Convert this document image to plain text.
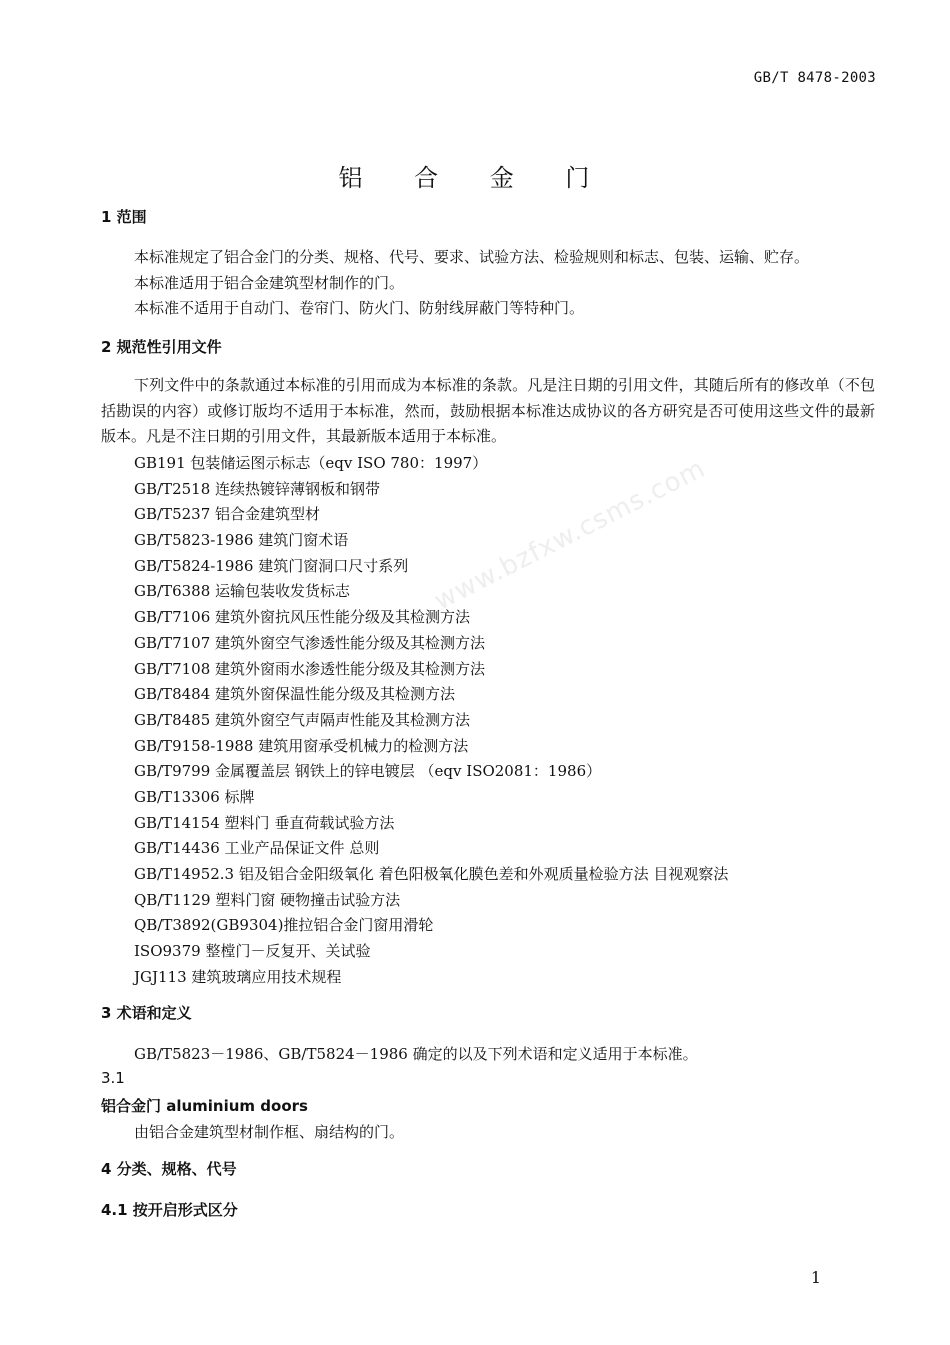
GB/T 8478-2003
铝 合 金 门
www.bzfxw.csms.com
1 范围
本标准规定了铝合金门的分类、规格、代号、要求、试验方法、检验规则和标志、包装、运输、贮存。
本标准适用于铝合金建筑型材制作的门。
本标准不适用于自动门、卷帘门、防火门、防射线屏蔽门等特种门。
2 规范性引用文件
下列文件中的条款通过本标准的引用而成为本标准的条款。凡是注日期的引用文件，其随后所有的修改单（不包括勘误的内容）或修订版均不适用于本标准，然而，鼓励根据本标准达成协议的各方研究是否可使用这些文件的最新版本。凡是不注日期的引用文件，其最新版本适用于本标准。
GB191 包装储运图示标志（eqv ISO 780：1997）
GB/T2518 连续热镀锌薄钢板和钢带
GB/T5237 铝合金建筑型材
GB/T5823-1986 建筑门窗术语
GB/T5824-1986 建筑门窗洞口尺寸系列
GB/T6388 运输包装收发货标志
GB/T7106 建筑外窗抗风压性能分级及其检测方法
GB/T7107 建筑外窗空气渗透性能分级及其检测方法
GB/T7108 建筑外窗雨水渗透性能分级及其检测方法
GB/T8484 建筑外窗保温性能分级及其检测方法
GB/T8485 建筑外窗空气声隔声性能及其检测方法
GB/T9158-1988 建筑用窗承受机械力的检测方法
GB/T9799 金属覆盖层 钢铁上的锌电镀层 （eqv ISO2081：1986）
GB/T13306 标牌
GB/T14154 塑料门 垂直荷载试验方法
GB/T14436 工业产品保证文件 总则
GB/T14952.3 铝及铝合金阳级氧化 着色阳极氧化膜色差和外观质量检验方法 目视观察法
QB/T1129 塑料门窗 硬物撞击试验方法
QB/T3892(GB9304)推拉铝合金门窗用滑轮
ISO9379 整樘门－反复开、关试验
JGJ113 建筑玻璃应用技术规程
3 术语和定义
GB/T5823－1986、GB/T5824－1986 确定的以及下列术语和定义适用于本标准。
3.1
铝合金门 aluminium doors
由铝合金建筑型材制作框、扇结构的门。
4 分类、规格、代号
4.1 按开启形式区分
1
